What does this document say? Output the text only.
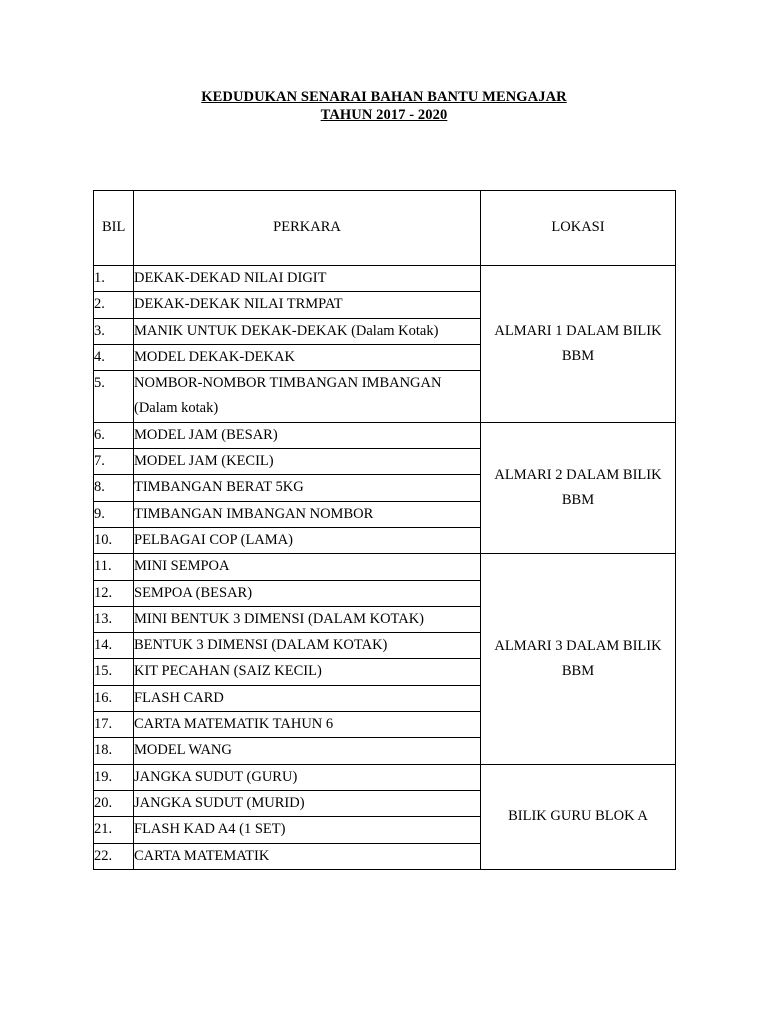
KEDUDUKAN SENARAI BAHAN BANTU MENGAJAR
TAHUN 2017 - 2020
BIL	PERKARA	LOKASI
1.	DEKAK-DEKAD NILAI DIGIT	ALMARI 1 DALAM BILIK
BBM

2.	DEKAK-DEKAK NILAI TRMPAT	
3.	MANIK UNTUK DEKAK-DEKAK (Dalam Kotak)	
4.	MODEL DEKAK-DEKAK	
5.	NOMBOR-NOMBOR TIMBANGAN IMBANGAN (Dalam kotak)	
6.	MODEL JAM (BESAR)	ALMARI 2 DALAM BILIK
BBM

7.	MODEL JAM (KECIL)	
8.	TIMBANGAN BERAT 5KG	
9.	TIMBANGAN IMBANGAN NOMBOR	
10.	PELBAGAI COP (LAMA)	
11.	MINI SEMPOA	ALMARI 3 DALAM BILIK
BBM

12.	SEMPOA (BESAR)	
13.	MINI BENTUK 3 DIMENSI (DALAM KOTAK)	
14.	BENTUK 3 DIMENSI (DALAM KOTAK)	
15.	KIT PECAHAN (SAIZ KECIL)	
16.	FLASH CARD	
17.	CARTA MATEMATIK TAHUN 6	
18.	MODEL WANG	
19.	JANGKA SUDUT (GURU)	BILIK GURU BLOK A

20.	JANGKA SUDUT (MURID)	
21.	FLASH KAD A4 (1 SET)	
22.	CARTA MATEMATIK	
